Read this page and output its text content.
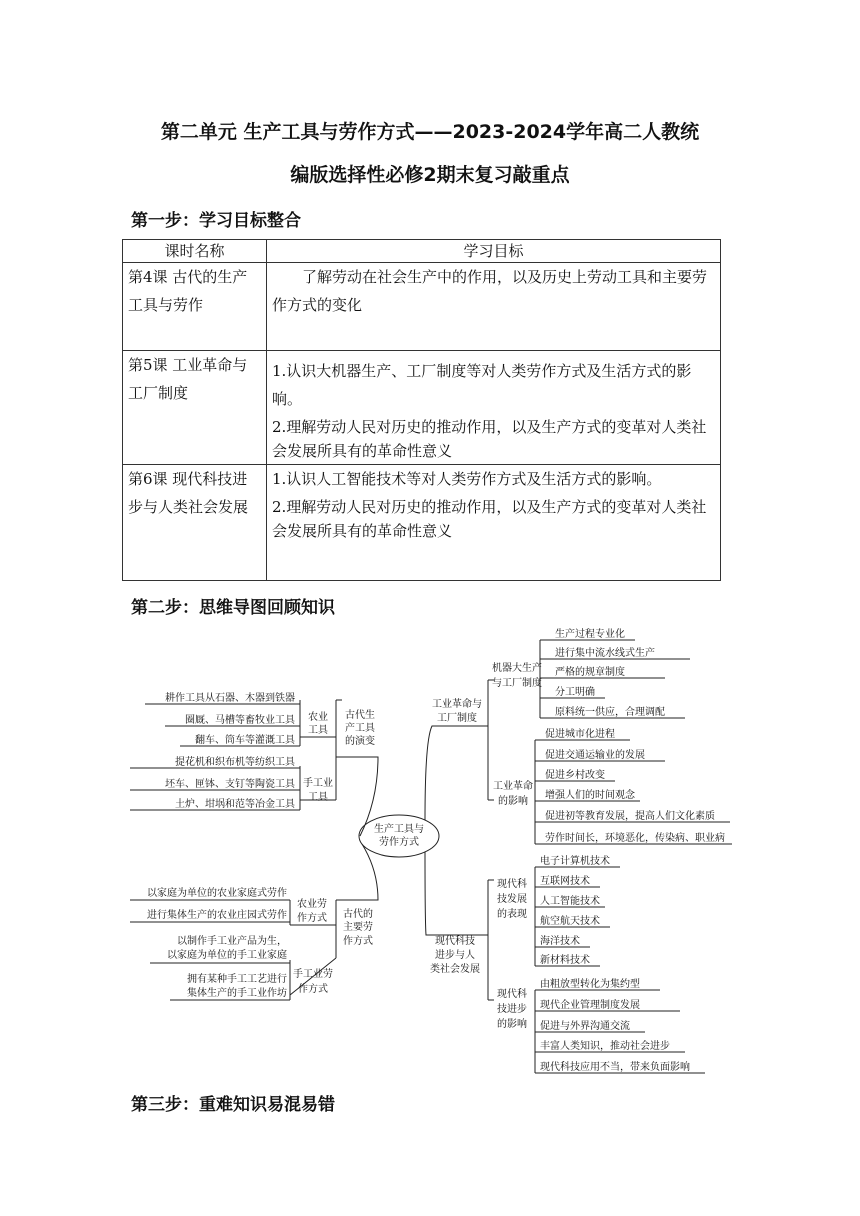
第二单元 生产工具与劳作方式——2023-2024学年高二人教统
编版选择性必修2期末复习敲重点
第一步：学习目标整合
课时名称	学习目标
第4课 古代的生产工具与劳作	了解劳动在社会生产中的作用，以及历史上劳动工具和主要劳作方式的变化

第5课 工业革命与工厂制度	1.认识大机器生产、工厂制度等对人类劳作方式及生活方式的影响。
2.理解劳动人民对历史的推动作用，以及生产方式的变革对人类社会发展所具有的革命性意义

第6课 现代科技进步与人类社会发展	1.认识人工智能技术等对人类劳作方式及生活方式的影响。
2.理解劳动人民对历史的推动作用，以及生产方式的变革对人类社会发展所具有的革命性意义
第二步：思维导图回顾知识
生产工具与
劳作方式
古代生
产工具
的演变
农业
工具
耕作工具从石器、木器到铁器
圈厩、马槽等畜牧业工具
翻车、筒车等灌溉工具
手工业
工具
提花机和织布机等纺织工具
坯车、匣钵、支钉等陶瓷工具
土炉、坩埚和范等冶金工具
古代的
主要劳
作方式
农业劳
作方式
以家庭为单位的农业家庭式劳作
进行集体生产的农业庄园式劳作
手工业劳
作方式
以制作手工业产品为生，
以家庭为单位的手工业家庭
拥有某种手工工艺进行
集体生产的手工业作坊
工业革命与
工厂制度
机器大生产
与工厂制度
生产过程专业化
进行集中流水线式生产
严格的规章制度
分工明确
原料统一供应，合理调配
工业革命
的影响
促进城市化进程
促进交通运输业的发展
促进乡村改变
增强人们的时间观念
促进初等教育发展，提高人们文化素质
劳作时间长，环境恶化，传染病、职业病
现代科技
进步与人
类社会发展
现代科
技发展
的表现
电子计算机技术
互联网技术
人工智能技术
航空航天技术
海洋技术
新材料技术
现代科
技进步
的影响
由粗放型转化为集约型
现代企业管理制度发展
促进与外界沟通交流
丰富人类知识，推动社会进步
现代科技应用不当，带来负面影响
第三步：重难知识易混易错
